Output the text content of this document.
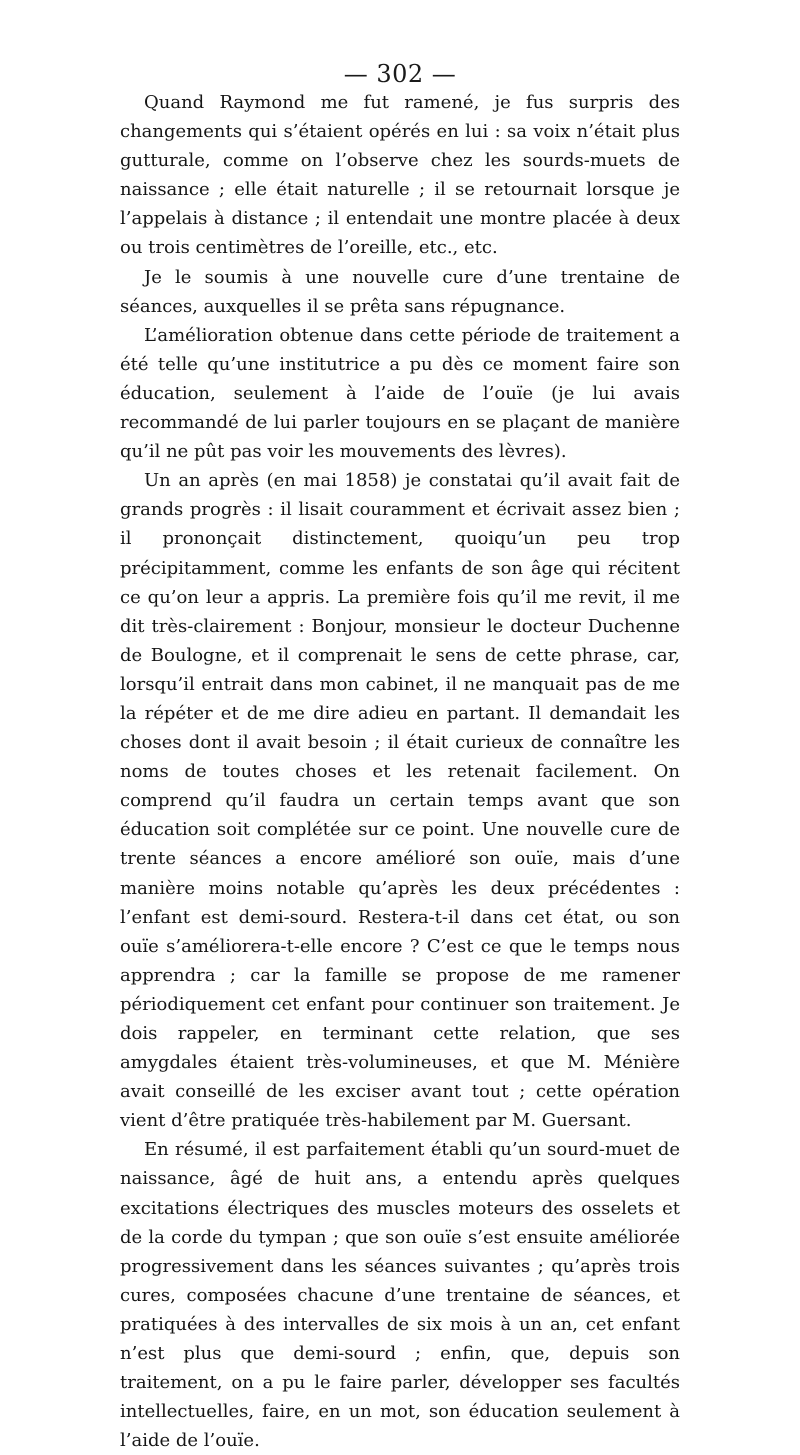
— 302 —

Quand Raymond me fut ramené, je fus surpris des changements qui s’étaient opérés en lui : sa voix n’était plus gutturale, comme on l’observe chez les sourds-muets de naissance ; elle était naturelle ; il se retournait lorsque je l’appelais à distance ; il entendait une montre placée à deux ou trois centimètres de l’oreille, etc., etc.

Je le soumis à une nouvelle cure d’une trentaine de séances, auxquelles il se prêta sans répugnance.

L’amélioration obtenue dans cette période de traitement a été telle qu’une institutrice a pu dès ce moment faire son éducation, seulement à l’aide de l’ouïe (je lui avais recommandé de lui parler toujours en se plaçant de manière qu’il ne pût pas voir les mouvements des lèvres).

Un an après (en mai 1858) je constatai qu’il avait fait de grands progrès : il lisait couramment et écrivait assez bien ; il prononçait distinctement, quoiqu’un peu trop précipitamment, comme les enfants de son âge qui récitent ce qu’on leur a appris. La première fois qu’il me revit, il me dit très-clairement : Bonjour, monsieur le docteur Duchenne de Boulogne, et il comprenait le sens de cette phrase, car, lorsqu’il entrait dans mon cabinet, il ne manquait pas de me la répéter et de me dire adieu en partant. Il demandait les choses dont il avait besoin ; il était curieux de connaître les noms de toutes choses et les retenait facilement. On comprend qu’il faudra un certain temps avant que son éducation soit complétée sur ce point. Une nouvelle cure de trente séances a encore amélioré son ouïe, mais d’une manière moins notable qu’après les deux précédentes : l’enfant est demi-sourd. Restera-t-il dans cet état, ou son ouïe s’améliorera-t-elle encore ? C’est ce que le temps nous apprendra ; car la famille se propose de me ramener périodiquement cet enfant pour continuer son traitement. Je dois rappeler, en terminant cette relation, que ses amygdales étaient très-volumineuses, et que M. Ménière avait conseillé de les exciser avant tout ; cette opération vient d’être pratiquée très-habilement par M. Guersant.

En résumé, il est parfaitement établi qu’un sourd-muet de naissance, âgé de huit ans, a entendu après quelques excitations électriques des muscles moteurs des osselets et de la corde du tympan ; que son ouïe s’est ensuite améliorée progressivement dans les séances suivantes ; qu’après trois cures, composées chacune d’une trentaine de séances, et pratiquées à des intervalles de six mois à un an, cet enfant n’est plus que demi-sourd ; enfin, que, depuis son traitement, on a pu le faire parler, développer ses facultés intellectuelles, faire, en un mot, son éducation seulement à l’aide de l’ouïe.
